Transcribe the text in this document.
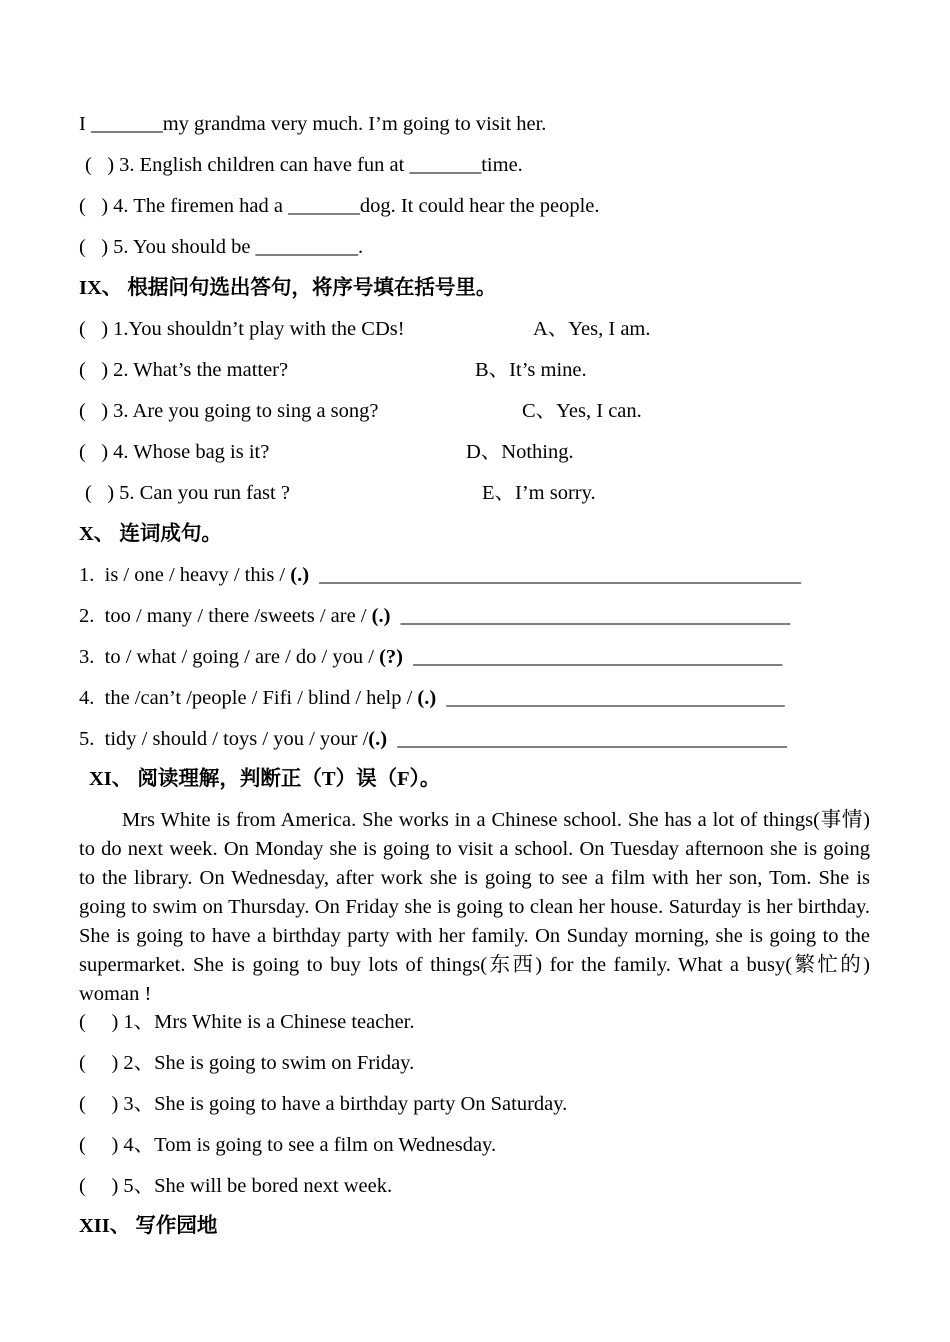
I _______my grandma very much. I’m going to visit her.
(   ) 3. English children can have fun at _______time.
(   ) 4. The firemen had a _______dog. It could hear the people.
(   ) 5. You should be __________.
IX、 根据问句选出答句，将序号填在括号里。
(   ) 1.You shouldn’t play with the CDs!	A、Yes, I am.
(   ) 2. What’s the matter?	B、It’s mine.
(   ) 3. Are you going to sing a song?	C、Yes, I can.
(   ) 4. Whose bag is it?	D、Nothing.
(   ) 5. Can you run fast ?	E、I’m sorry.
X、 连词成句。
1.  is / one / heavy / this / (.)  _______________________________________________
2.  too / many / there /sweets / are / (.)  ______________________________________
3.  to / what / going / are / do / you / (?)  ____________________________________
4.  the /can’t /people / Fifi / blind / help / (.)  _________________________________
5.  tidy / should / toys / you / your /(.)  ______________________________________
XI、 阅读理解，判断正（T）误（F）。
Mrs White is from America. She works in a Chinese school. She has a lot of things(事情) to do next week. On Monday she is going to visit a school. On Tuesday afternoon she is going to the library. On Wednesday, after work she is going to see a film with her son, Tom. She is going to swim on Thursday. On Friday she is going to clean her house. Saturday is her birthday. She is going to have a birthday party with her family. On Sunday morning, she is going to the supermarket. She is going to buy lots of things(东西) for the family. What a busy(繁忙的) woman !
(     ) 1、Mrs White is a Chinese teacher.
(     ) 2、She is going to swim on Friday.
(     ) 3、She is going to have a birthday party On Saturday.
(     ) 4、Tom is going to see a film on Wednesday.
(     ) 5、She will be bored next week.
XII、 写作园地
